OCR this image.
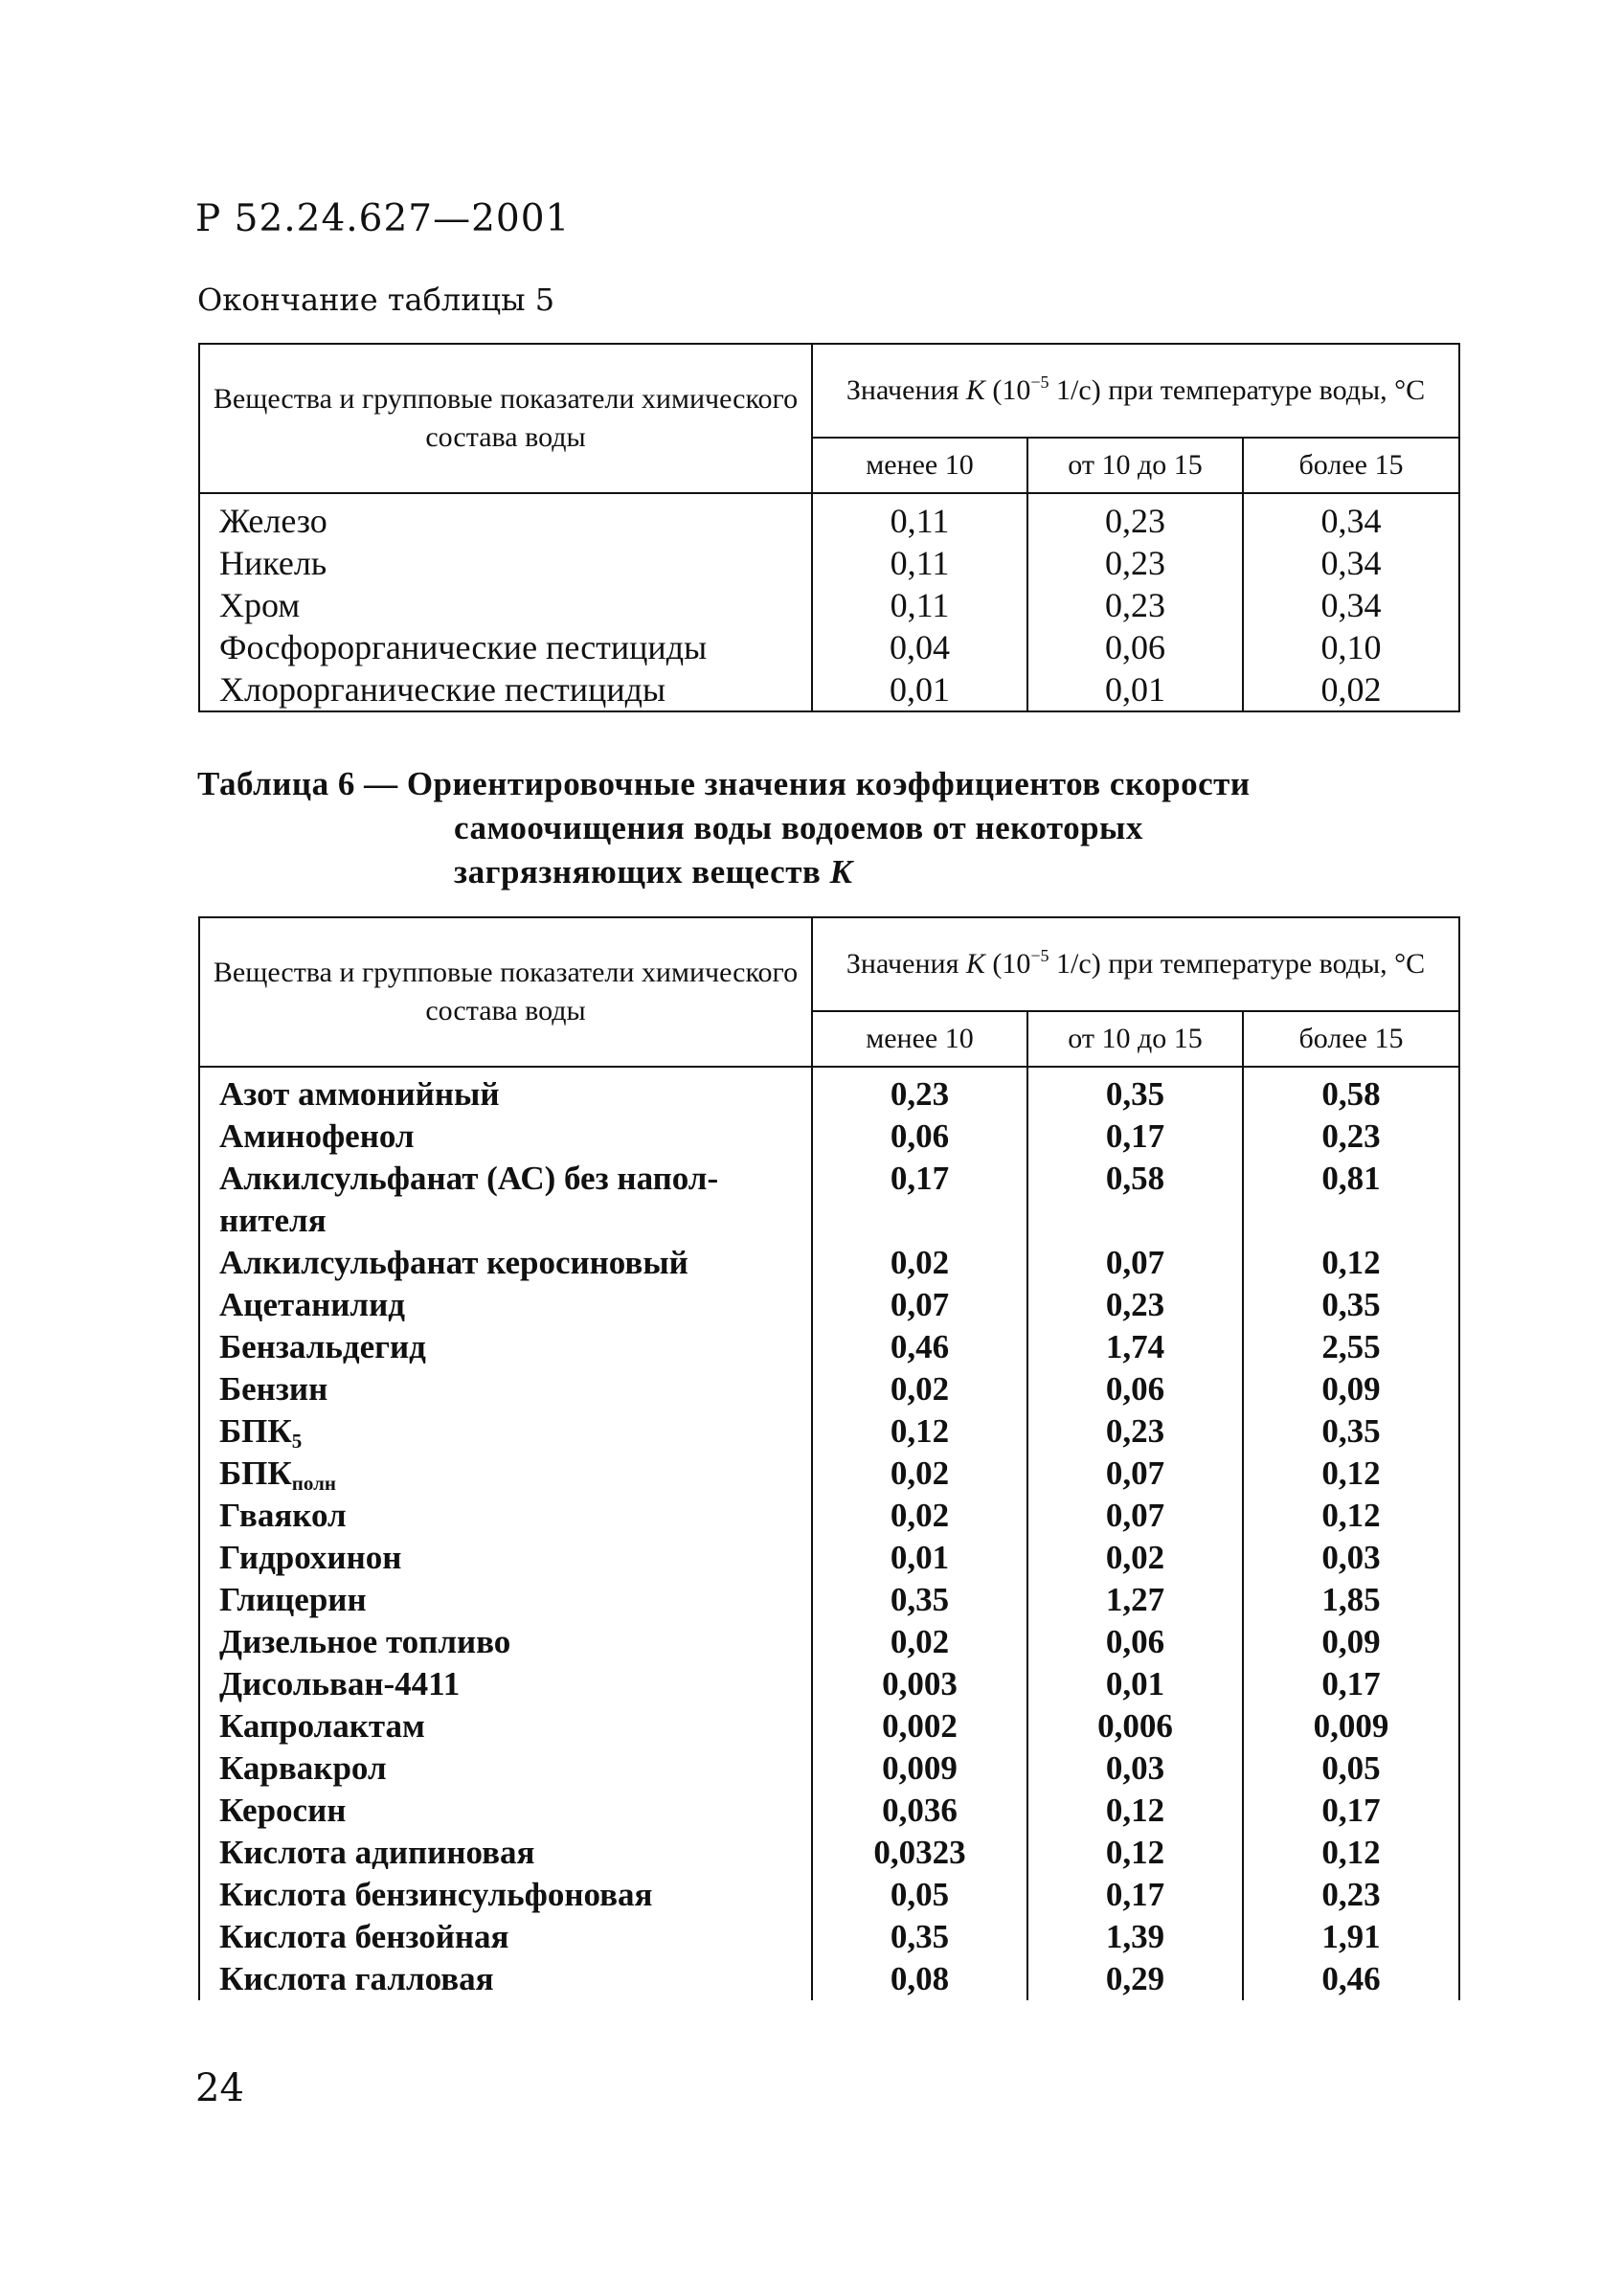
Р 52.24.627—2001
Окончание таблицы 5
Вещества и групповые показатели химического состава воды	Значения K ($10^{-5}$ 1/с) при температуре воды, °С		
	менее 10	от 10 до 15	более 15

Железо	0,11	0,23	0,34
Никель	0,11	0,23	0,34
Хром	0,11	0,23	0,34
Фосфорорганические пестициды	0,04	0,06	0,10
Хлорорганические пестициды	0,01	0,01	0,02
Таблица 6 — Ориентировочные значения коэффициентов скорости
самоочищения воды водоемов от некоторых
загрязняющих веществ K
Вещества и групповые показатели химического состава воды	Значения K ($10^{-5}$ 1/с) при температуре воды, °С		
	менее 10	от 10 до 15	более 15

Азот аммонийный	0,23	0,35	0,58
Аминофенол	0,06	0,17	0,23
Алкилсульфанат (АС) без напол-	0,17	0,58	0,81
нителя			
Алкилсульфанат керосиновый	0,02	0,07	0,12
Ацетанилид	0,07	0,23	0,35
Бензальдегид	0,46	1,74	2,55
Бензин	0,02	0,06	0,09
$БПК_5$	0,12	0,23	0,35
$БПК_{полн}$	0,02	0,07	0,12
Гваякол	0,02	0,07	0,12
Гидрохинон	0,01	0,02	0,03
Глицерин	0,35	1,27	1,85
Дизельное топливо	0,02	0,06	0,09
Дисольван-4411	0,003	0,01	0,17
Капролактам	0,002	0,006	0,009
Карвакрол	0,009	0,03	0,05
Керосин	0,036	0,12	0,17
Кислота адипиновая	0,0323	0,12	0,12
Кислота бензинсульфоновая	0,05	0,17	0,23
Кислота бензойная	0,35	1,39	1,91
Кислота галловая	0,08	0,29	0,46
24
